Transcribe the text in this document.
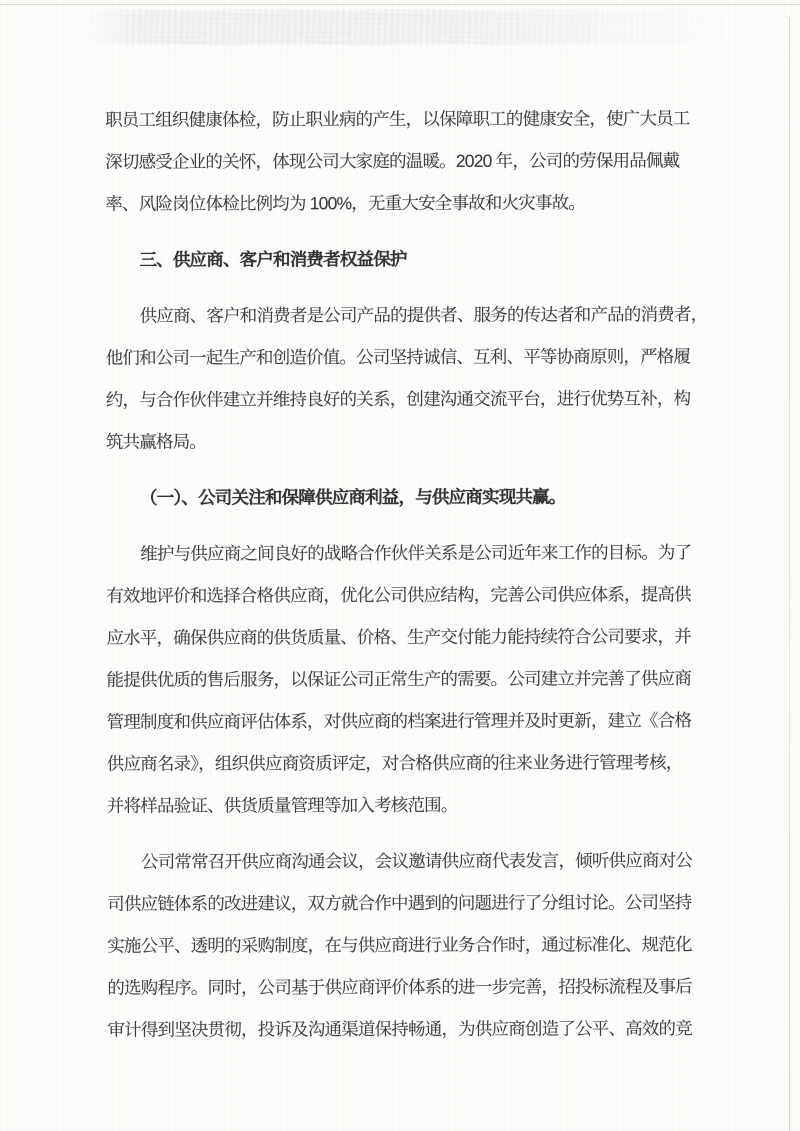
职员工组织健康体检，防止职业病的产生，以保障职工的健康安全，使广大员工
深切感受企业的关怀，体现公司大家庭的温暖。2020 年，公司的劳保用品佩戴
率、风险岗位体检比例均为 100%，无重大安全事故和火灾事故。
三、供应商、客户和消费者权益保护
供应商、客户和消费者是公司产品的提供者、服务的传达者和产品的消费者，
他们和公司一起生产和创造价值。公司坚持诚信、互利、平等协商原则，严格履
约，与合作伙伴建立并维持良好的关系，创建沟通交流平台，进行优势互补，构
筑共赢格局。
（一）、公司关注和保障供应商利益，与供应商实现共赢。
维护与供应商之间良好的战略合作伙伴关系是公司近年来工作的目标。为了
有效地评价和选择合格供应商，优化公司供应结构，完善公司供应体系，提高供
应水平，确保供应商的供货质量、价格、生产交付能力能持续符合公司要求，并
能提供优质的售后服务，以保证公司正常生产的需要。公司建立并完善了供应商
管理制度和供应商评估体系，对供应商的档案进行管理并及时更新，建立《合格
供应商名录》，组织供应商资质评定，对合格供应商的往来业务进行管理考核，
并将样品验证、供货质量管理等加入考核范围。
公司常常召开供应商沟通会议，会议邀请供应商代表发言，倾听供应商对公
司供应链体系的改进建议，双方就合作中遇到的问题进行了分组讨论。公司坚持
实施公平、透明的采购制度，在与供应商进行业务合作时，通过标准化、规范化
的选购程序。同时，公司基于供应商评价体系的进一步完善，招投标流程及事后
审计得到坚决贯彻，投诉及沟通渠道保持畅通，为供应商创造了公平、高效的竞
